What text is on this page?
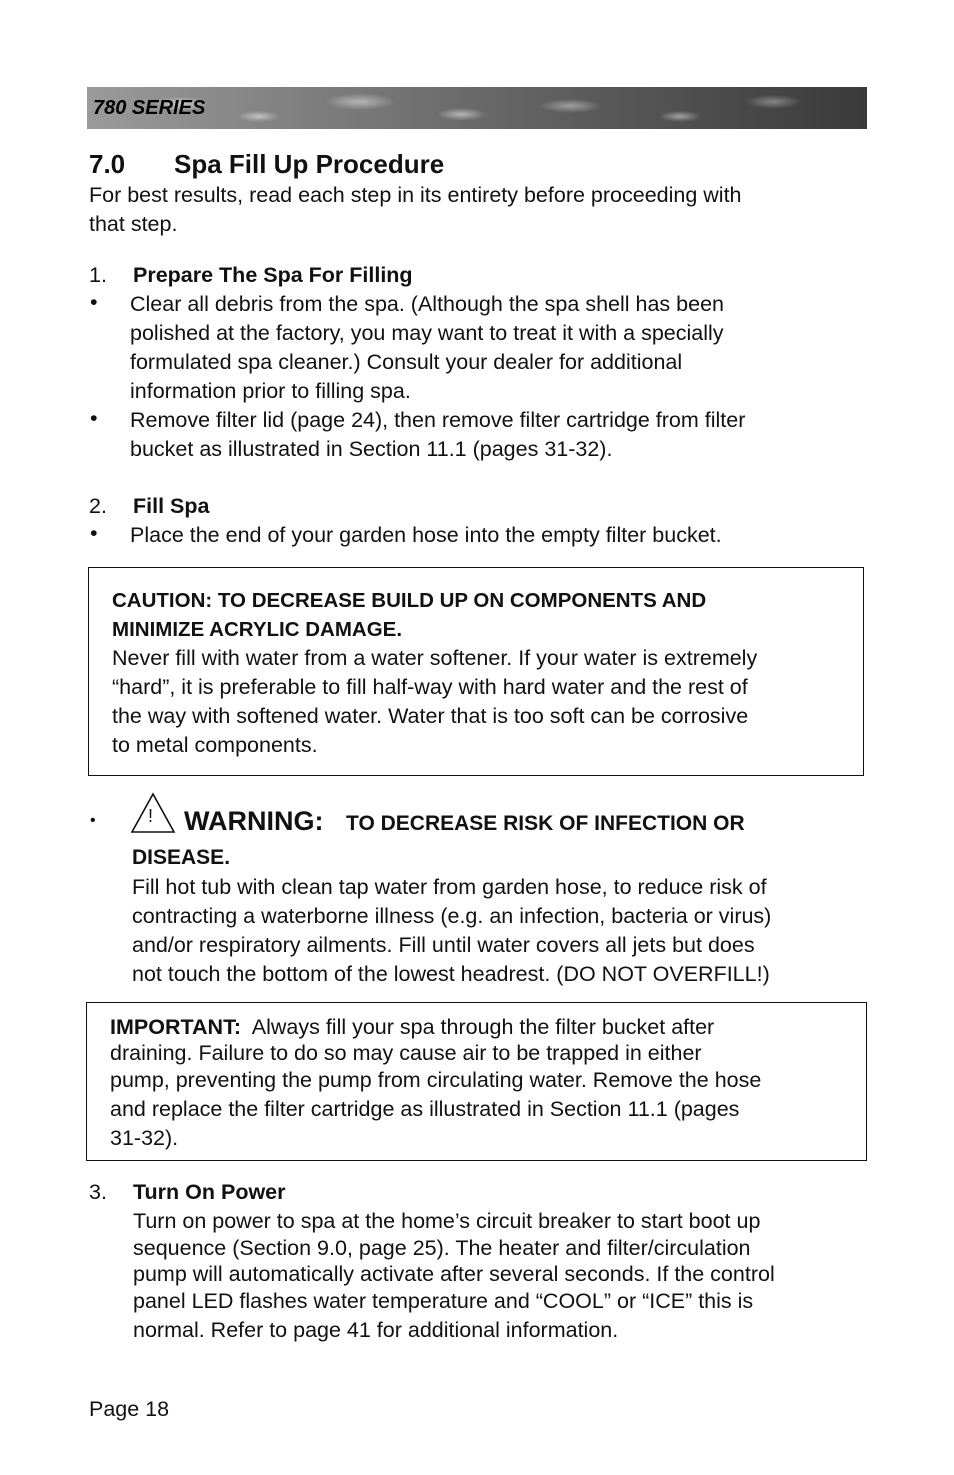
780 SERIES
7.0 Spa Fill Up Procedure
For best results, read each step in its entirety before proceeding with
that step.
1. Prepare The Spa For Filling
• Clear all debris from the spa. (Although the spa shell has been
polished at the factory, you may want to treat it with a specially
formulated spa cleaner.) Consult your dealer for additional
information prior to filling spa.
• Remove filter lid (page 24), then remove filter cartridge from filter
bucket as illustrated in Section 11.1 (pages 31-32).
2. Fill Spa
• Place the end of your garden hose into the empty filter bucket.
CAUTION: TO DECREASE BUILD UP ON COMPONENTS AND
MINIMIZE ACRYLIC DAMAGE.
Never fill with water from a water softener. If your water is extremely
“hard”, it is preferable to fill half-way with hard water and the rest of
the way with softened water. Water that is too soft can be corrosive
to metal components.
•	! WARNING: TO DECREASE RISK OF INFECTION OR
DISEASE.
Fill hot tub with clean tap water from garden hose, to reduce risk of
contracting a waterborne illness (e.g. an infection, bacteria or virus)
and/or respiratory ailments. Fill until water covers all jets but does
not touch the bottom of the lowest headrest. (DO NOT OVERFILL!)
IMPORTANT: Always fill your spa through the filter bucket after
draining. Failure to do so may cause air to be trapped in either
pump, preventing the pump from circulating water. Remove the hose
and replace the filter cartridge as illustrated in Section 11.1 (pages
31-32).
3. Turn On Power
Turn on power to spa at the home’s circuit breaker to start boot up
sequence (Section 9.0, page 25). The heater and filter/circulation
pump will automatically activate after several seconds. If the control
panel LED flashes water temperature and “COOL” or “ICE” this is
normal. Refer to page 41 for additional information.
Page 18
